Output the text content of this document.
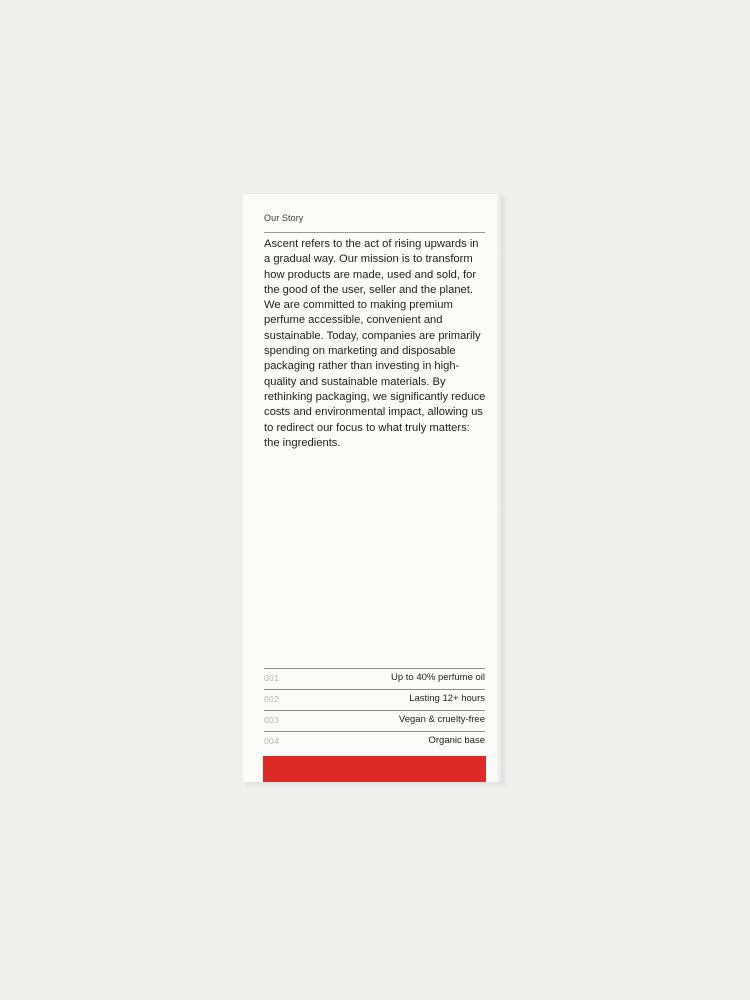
Our Story

Ascent refers to the act of rising upwards in a gradual way. Our mission is to transform how products are made, used and sold, for the good of the user, seller and the planet. We are committed to making premium perfume accessible, convenient and sustainable. Today, companies are primarily spending on marketing and disposable packaging rather than investing in high-quality and sustainable materials. By rethinking packaging, we significantly reduce costs and environmental impact, allowing us to redirect our focus to what truly matters: the ingredients.

001	Up to 40% perfume oil
002	Lasting 12+ hours
003	Vegan & cruelty-free
004	Organic base
